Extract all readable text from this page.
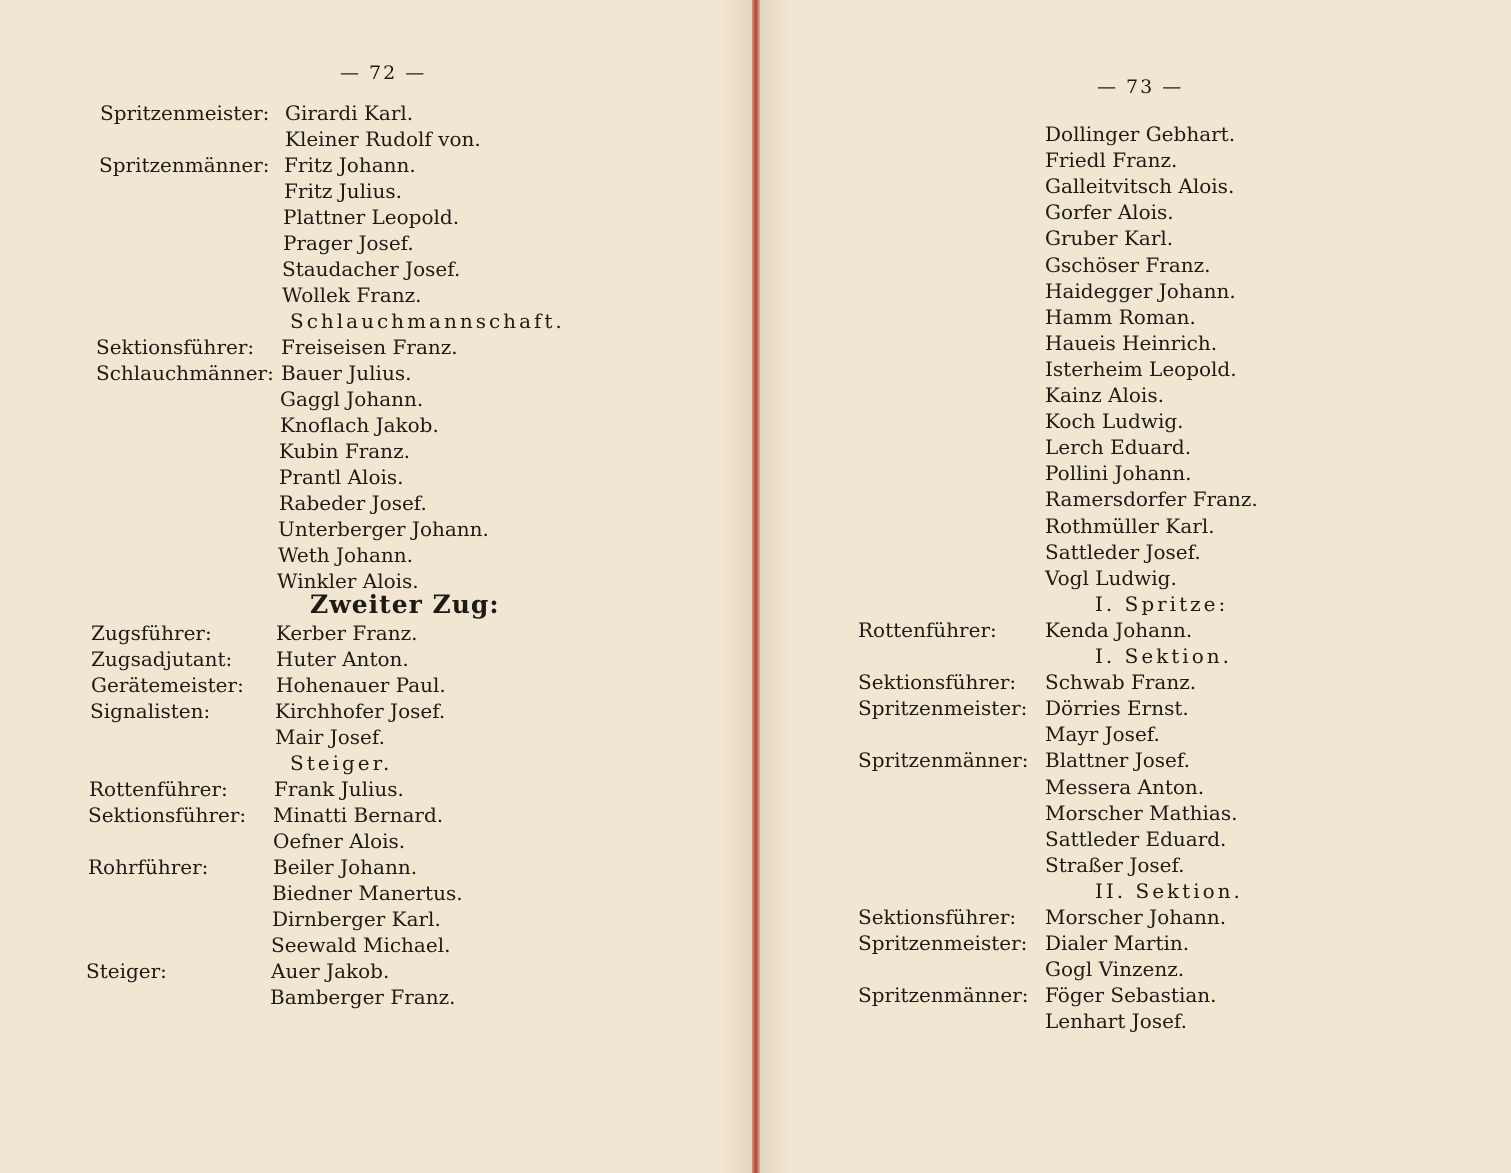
— 72 —
Spritzenmeister: Girardi Karl.
Kleiner Rudolf von.
Spritzenmänner: Fritz Johann.
Fritz Julius.
Plattner Leopold.
Prager Josef.
Staudacher Josef.
Wollek Franz.
Schlauchmannschaft.
Sektionsführer: Freiseisen Franz.
Schlauchmänner: Bauer Julius.
Gaggl Johann.
Knoflach Jakob.
Kubin Franz.
Prantl Alois.
Rabeder Josef.
Unterberger Johann.
Weth Johann.
Winkler Alois.
Zweiter Zug:
Zugsführer:	Kerber Franz.
Zugsadjutant: Huter Anton.
Gerätemeister: Hohenauer Paul.
Signalisten:	Kirchhofer Josef.
Mair Josef.
Steiger.
Rottenführer: Frank Julius.
Sektionsführer: Minatti Bernard.
Oefner Alois.
Rohrführer:	Beiler Johann.
Biedner Manertus.
Dirnberger Karl.
Seewald Michael.
Steiger:	Auer Jakob.
Bamberger Franz.
— 73 —
Dollinger Gebhart.
Friedl Franz.
Galleitvitsch Alois.
Gorfer Alois.
Gruber Karl.
Gschöser Franz.
Haidegger Johann.
Hamm Roman.
Haueis Heinrich.
Isterheim Leopold.
Kainz Alois.
Koch Ludwig.
Lerch Eduard.
Pollini Johann.
Ramersdorfer Franz.
Rothmüller Karl.
Sattleder Josef.
Vogl Ludwig.
I. Spritze:
Rottenführer: Kenda Johann.
I. Sektion.
Sektionsführer: Schwab Franz.
Spritzenmeister: Dörries Ernst.
Mayr Josef.
Spritzenmänner: Blattner Josef.
Messera Anton.
Morscher Mathias.
Sattleder Eduard.
Straßer Josef.
II. Sektion.
Sektionsführer: Morscher Johann.
Spritzenmeister: Dialer Martin.
Gogl Vinzenz.
Spritzenmänner: Föger Sebastian.
Lenhart Josef.
